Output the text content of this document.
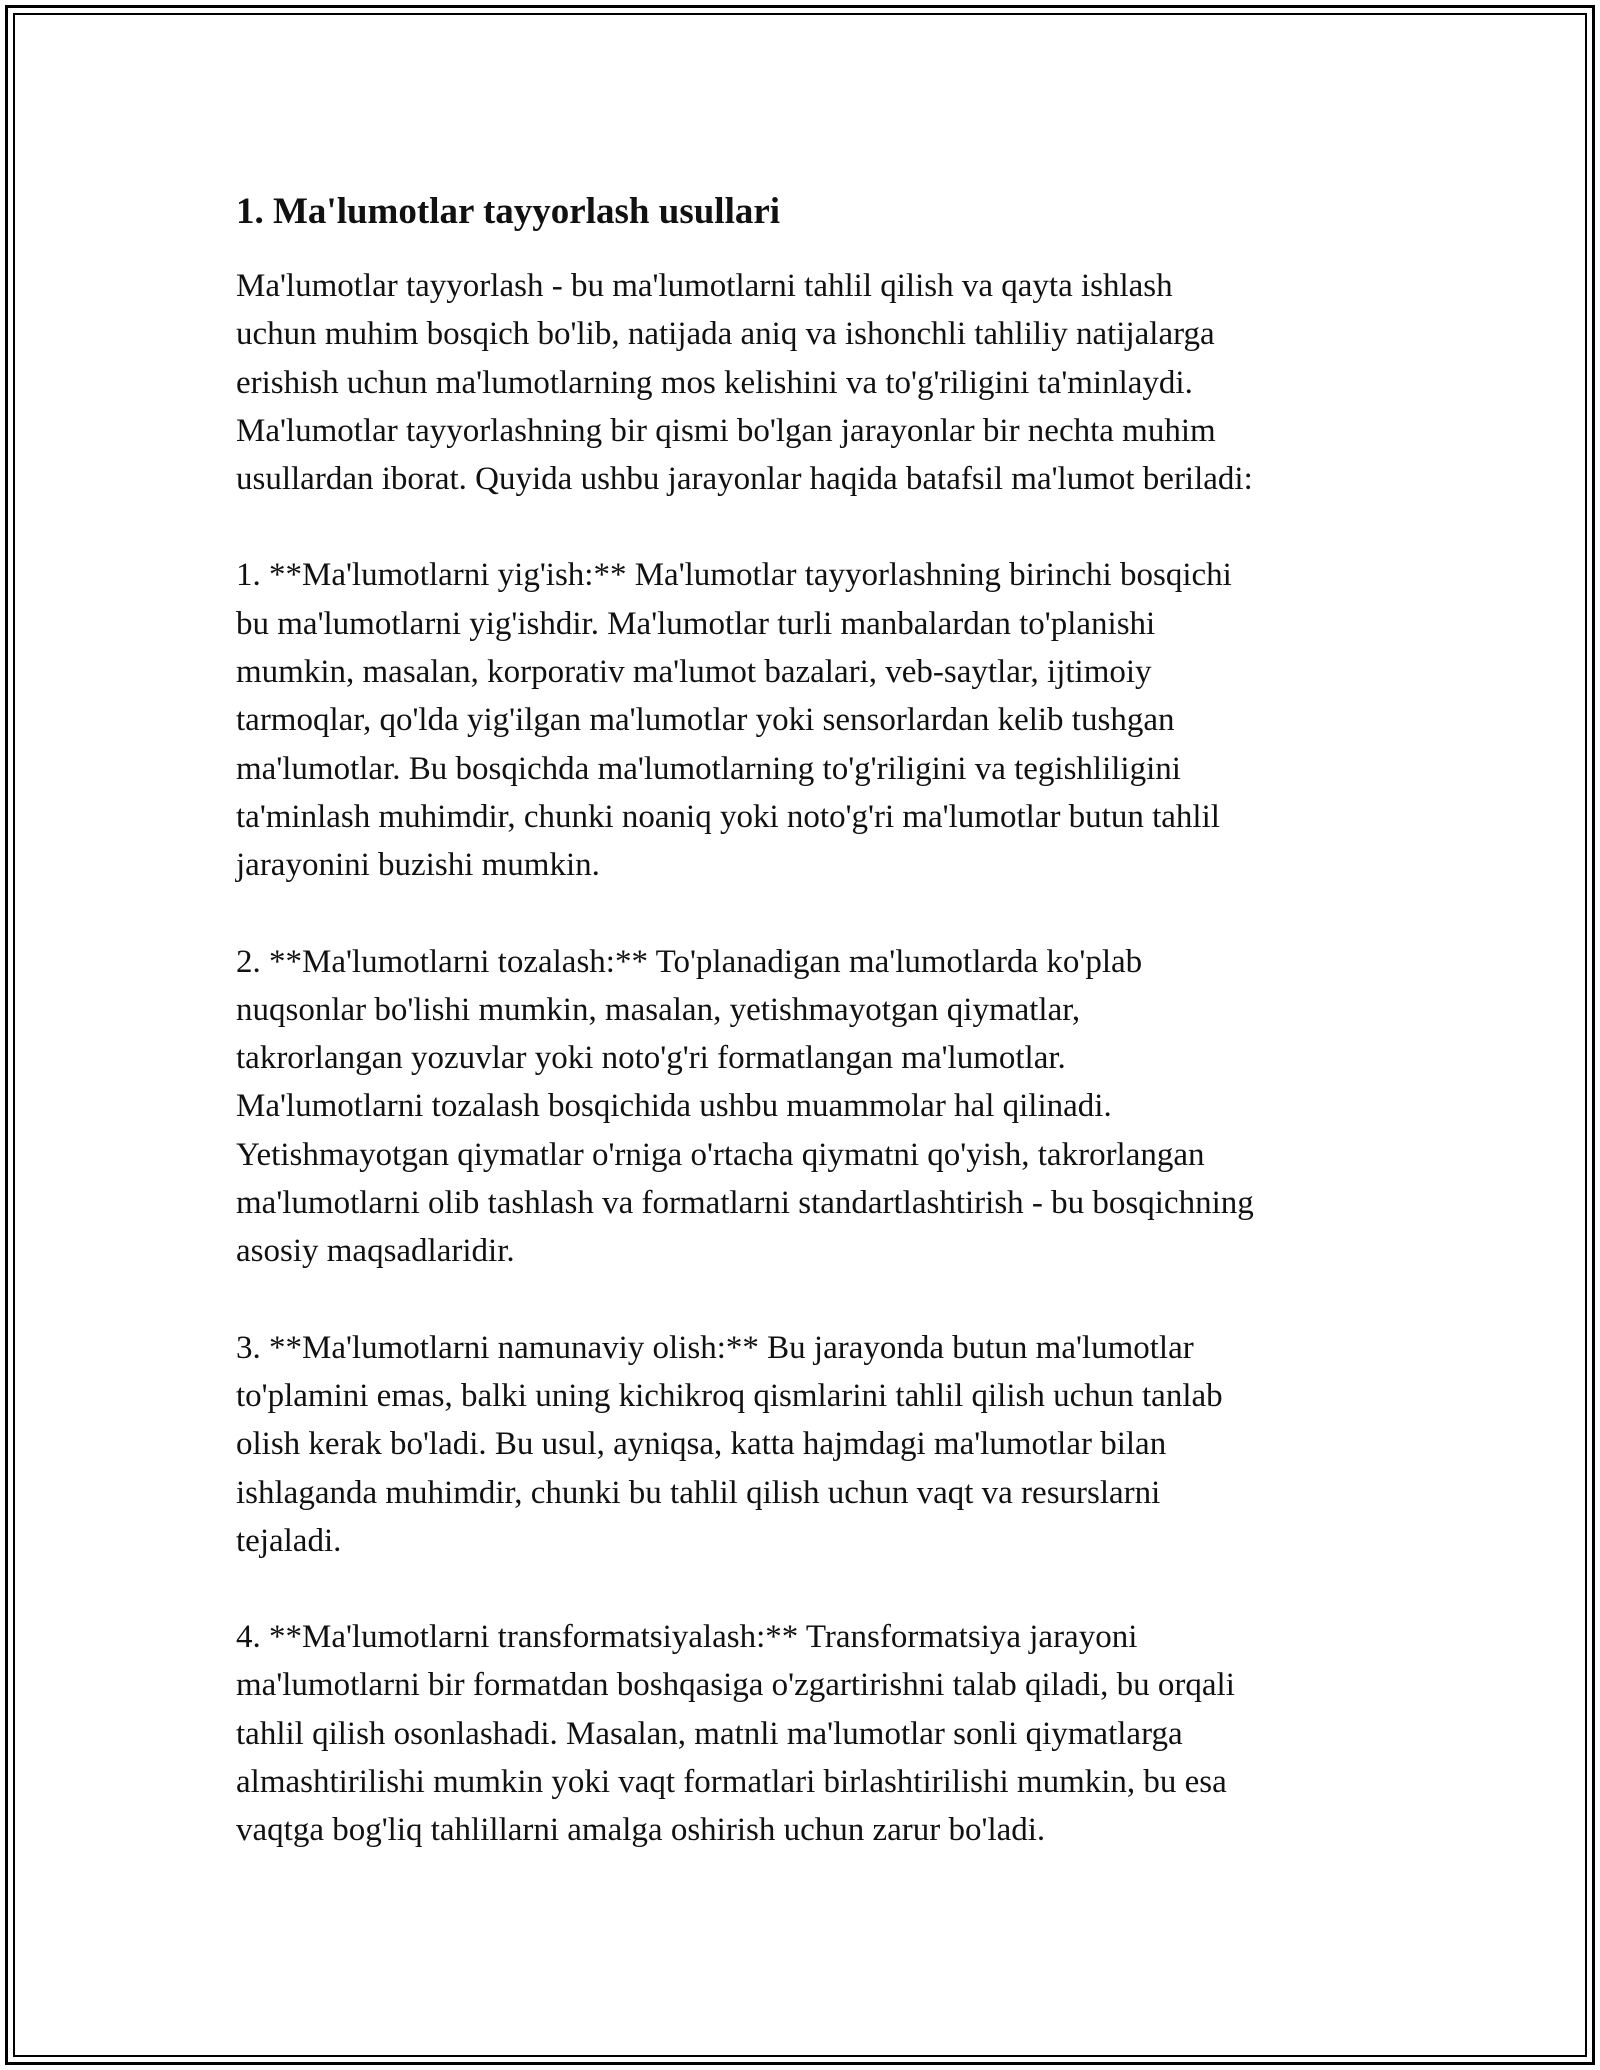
1. Ma'lumotlar tayyorlash usullari

Ma'lumotlar tayyorlash - bu ma'lumotlarni tahlil qilish va qayta ishlash
uchun muhim bosqich bo'lib, natijada aniq va ishonchli tahliliy natijalarga
erishish uchun ma'lumotlarning mos kelishini va to'g'riligini ta'minlaydi.
Ma'lumotlar tayyorlashning bir qismi bo'lgan jarayonlar bir nechta muhim
usullardan iborat. Quyida ushbu jarayonlar haqida batafsil ma'lumot beriladi:

1. **Ma'lumotlarni yig'ish:** Ma'lumotlar tayyorlashning birinchi bosqichi
bu ma'lumotlarni yig'ishdir. Ma'lumotlar turli manbalardan to'planishi
mumkin, masalan, korporativ ma'lumot bazalari, veb-saytlar, ijtimoiy
tarmoqlar, qo'lda yig'ilgan ma'lumotlar yoki sensorlardan kelib tushgan
ma'lumotlar. Bu bosqichda ma'lumotlarning to'g'riligini va tegishliligini
ta'minlash muhimdir, chunki noaniq yoki noto'g'ri ma'lumotlar butun tahlil
jarayonini buzishi mumkin.

2. **Ma'lumotlarni tozalash:** To'planadigan ma'lumotlarda ko'plab
nuqsonlar bo'lishi mumkin, masalan, yetishmayotgan qiymatlar,
takrorlangan yozuvlar yoki noto'g'ri formatlangan ma'lumotlar.
Ma'lumotlarni tozalash bosqichida ushbu muammolar hal qilinadi.
Yetishmayotgan qiymatlar o'rniga o'rtacha qiymatni qo'yish, takrorlangan
ma'lumotlarni olib tashlash va formatlarni standartlashtirish - bu bosqichning
asosiy maqsadlaridir.

3. **Ma'lumotlarni namunaviy olish:** Bu jarayonda butun ma'lumotlar
to'plamini emas, balki uning kichikroq qismlarini tahlil qilish uchun tanlab
olish kerak bo'ladi. Bu usul, ayniqsa, katta hajmdagi ma'lumotlar bilan
ishlaganda muhimdir, chunki bu tahlil qilish uchun vaqt va resurslarni
tejaladi.

4. **Ma'lumotlarni transformatsiyalash:** Transformatsiya jarayoni
ma'lumotlarni bir formatdan boshqasiga o'zgartirishni talab qiladi, bu orqali
tahlil qilish osonlashadi. Masalan, matnli ma'lumotlar sonli qiymatlarga
almashtirilishi mumkin yoki vaqt formatlari birlashtirilishi mumkin, bu esa
vaqtga bog'liq tahlillarni amalga oshirish uchun zarur bo'ladi.
